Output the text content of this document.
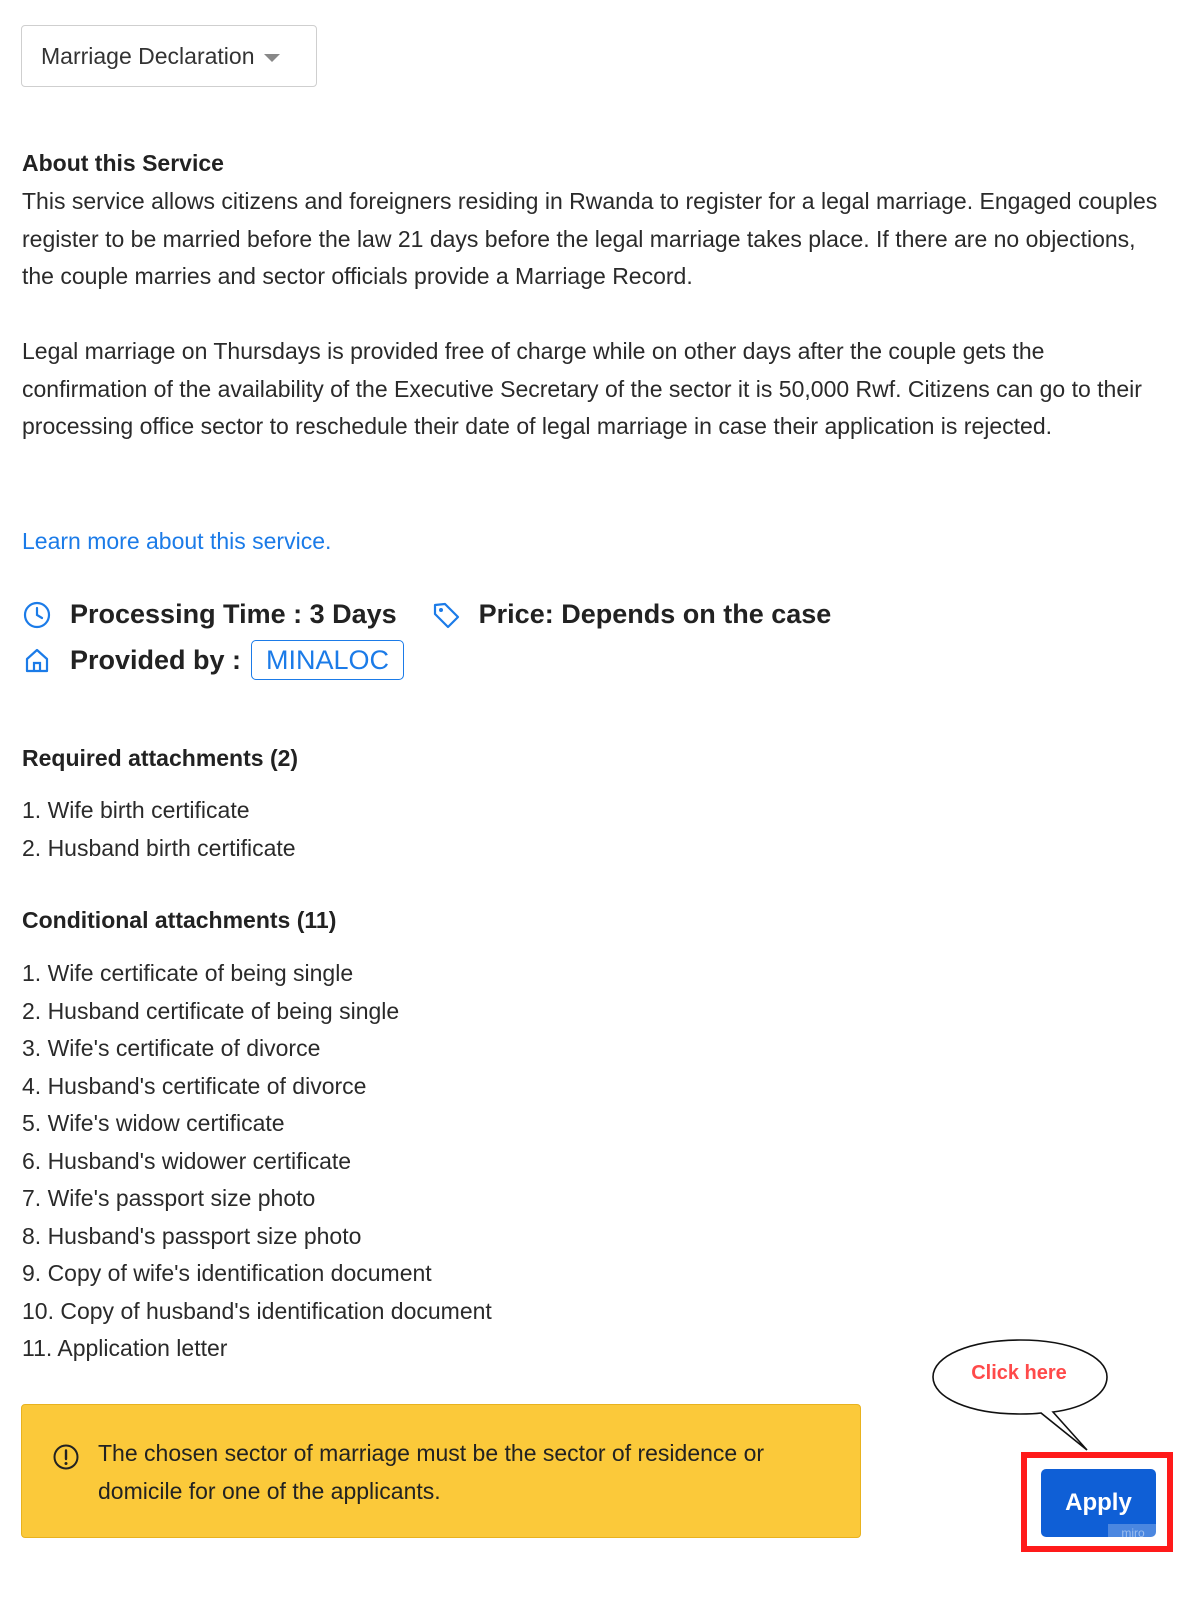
Marriage Declaration
About this Service
This service allows citizens and foreigners residing in Rwanda to register for a legal marriage. Engaged couples register to be married before the law 21 days before the legal marriage takes place. If there are no objections, the couple marries and sector officials provide a Marriage Record.
Legal marriage on Thursdays is provided free of charge while on other days after the couple gets the confirmation of the availability of the Executive Secretary of the sector it is 50,000 Rwf. Citizens can go to their processing office sector to reschedule their date of legal marriage in case their application is rejected.
Learn more about this service.
Processing Time : 3 Days	Price: Depends on the case
Provided by : MINALOC
Required attachments (2)
1. Wife birth certificate
2. Husband birth certificate
Conditional attachments (11)
1. Wife certificate of being single
2. Husband certificate of being single
3. Wife's certificate of divorce
4. Husband's certificate of divorce
5. Wife's widow certificate
6. Husband's widower certificate
7. Wife's passport size photo
8. Husband's passport size photo
9. Copy of wife's identification document
10. Copy of husband's identification document
11. Application letter
The chosen sector of marriage must be the sector of residence or domicile for one of the applicants.
Click here
Apply
miro
